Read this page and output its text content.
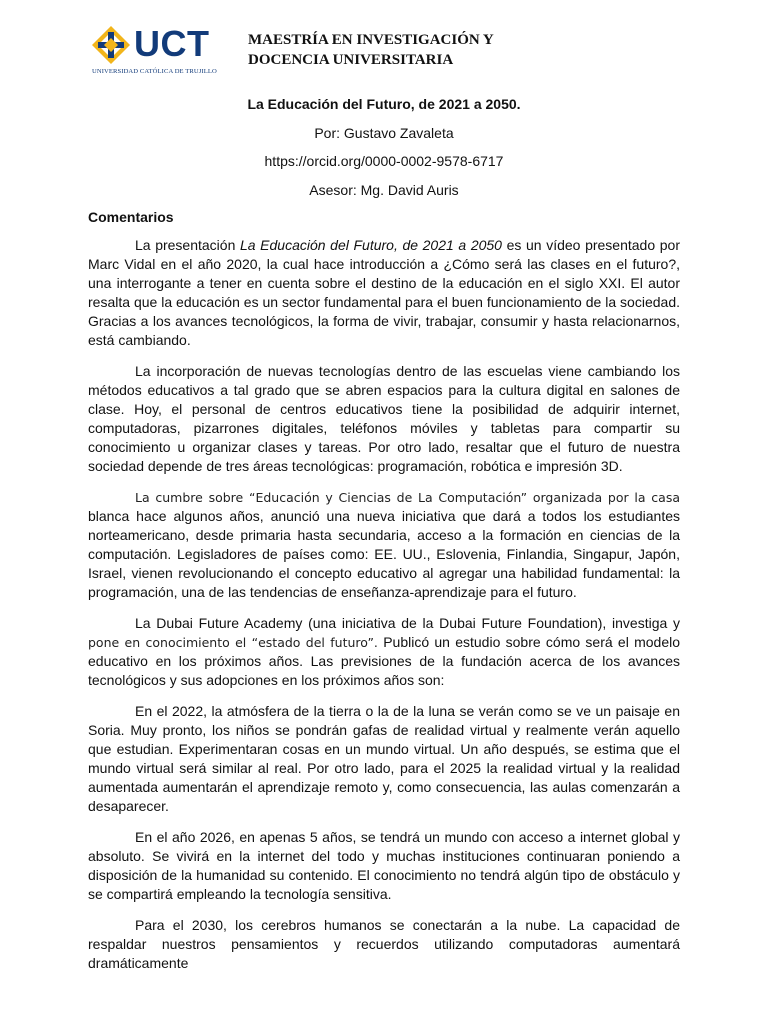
UCT
UNIVERSIDAD CATÓLICA DE TRUJILLO
MAESTRÍA EN INVESTIGACIÓN Y
DOCENCIA UNIVERSITARIA
La Educación del Futuro, de 2021 a 2050.
Por: Gustavo Zavaleta
https://orcid.org/0000-0002-9578-6717
Asesor: Mg. David Auris
Comentarios

La presentación La Educación del Futuro, de 2021 a 2050 es un vídeo presentado por Marc Vidal en el año 2020, la cual hace introducción a ¿Cómo será las clases en el futuro?, una interrogante a tener en cuenta sobre el destino de la educación en el siglo XXI. El autor resalta que la educación es un sector fundamental para el buen funcionamiento de la sociedad. Gracias a los avances tecnológicos, la forma de vivir, trabajar, consumir y hasta relacionarnos, está cambiando.

La incorporación de nuevas tecnologías dentro de las escuelas viene cambiando los métodos educativos a tal grado que se abren espacios para la cultura digital en salones de clase. Hoy, el personal de centros educativos tiene la posibilidad de adquirir internet, computadoras, pizarrones digitales, teléfonos móviles y tabletas para compartir su conocimiento u organizar clases y tareas. Por otro lado, resaltar que el futuro de nuestra sociedad depende de tres áreas tecnológicas: programación, robótica e impresión 3D.

La cumbre sobre “Educación y Ciencias de La Computación” organizada por la casa blanca hace algunos años, anunció una nueva iniciativa que dará a todos los estudiantes norteamericano, desde primaria hasta secundaria, acceso a la formación en ciencias de la computación. Legisladores de países como: EE. UU., Eslovenia, Finlandia, Singapur, Japón, Israel, vienen revolucionando el concepto educativo al agregar una habilidad fundamental: la programación, una de las tendencias de enseñanza-aprendizaje para el futuro.

La Dubai Future Academy (una iniciativa de la Dubai Future Foundation), investiga y pone en conocimiento el “estado del futuro”. Publicó un estudio sobre cómo será el modelo educativo en los próximos años. Las previsiones de la fundación acerca de los avances tecnológicos y sus adopciones en los próximos años son:

En el 2022, la atmósfera de la tierra o la de la luna se verán como se ve un paisaje en Soria. Muy pronto, los niños se pondrán gafas de realidad virtual y realmente verán aquello que estudian. Experimentaran cosas en un mundo virtual. Un año después, se estima que el mundo virtual será similar al real. Por otro lado, para el 2025 la realidad virtual y la realidad aumentada aumentarán el aprendizaje remoto y, como consecuencia, las aulas comenzarán a desaparecer.

En el año 2026, en apenas 5 años, se tendrá un mundo con acceso a internet global y absoluto. Se vivirá en la internet del todo y muchas instituciones continuaran poniendo a disposición de la humanidad su contenido. El conocimiento no tendrá algún tipo de obstáculo y se compartirá empleando la tecnología sensitiva.

Para el 2030, los cerebros humanos se conectarán a la nube. La capacidad de respaldar nuestros pensamientos y recuerdos utilizando computadoras aumentará dramáticamente
